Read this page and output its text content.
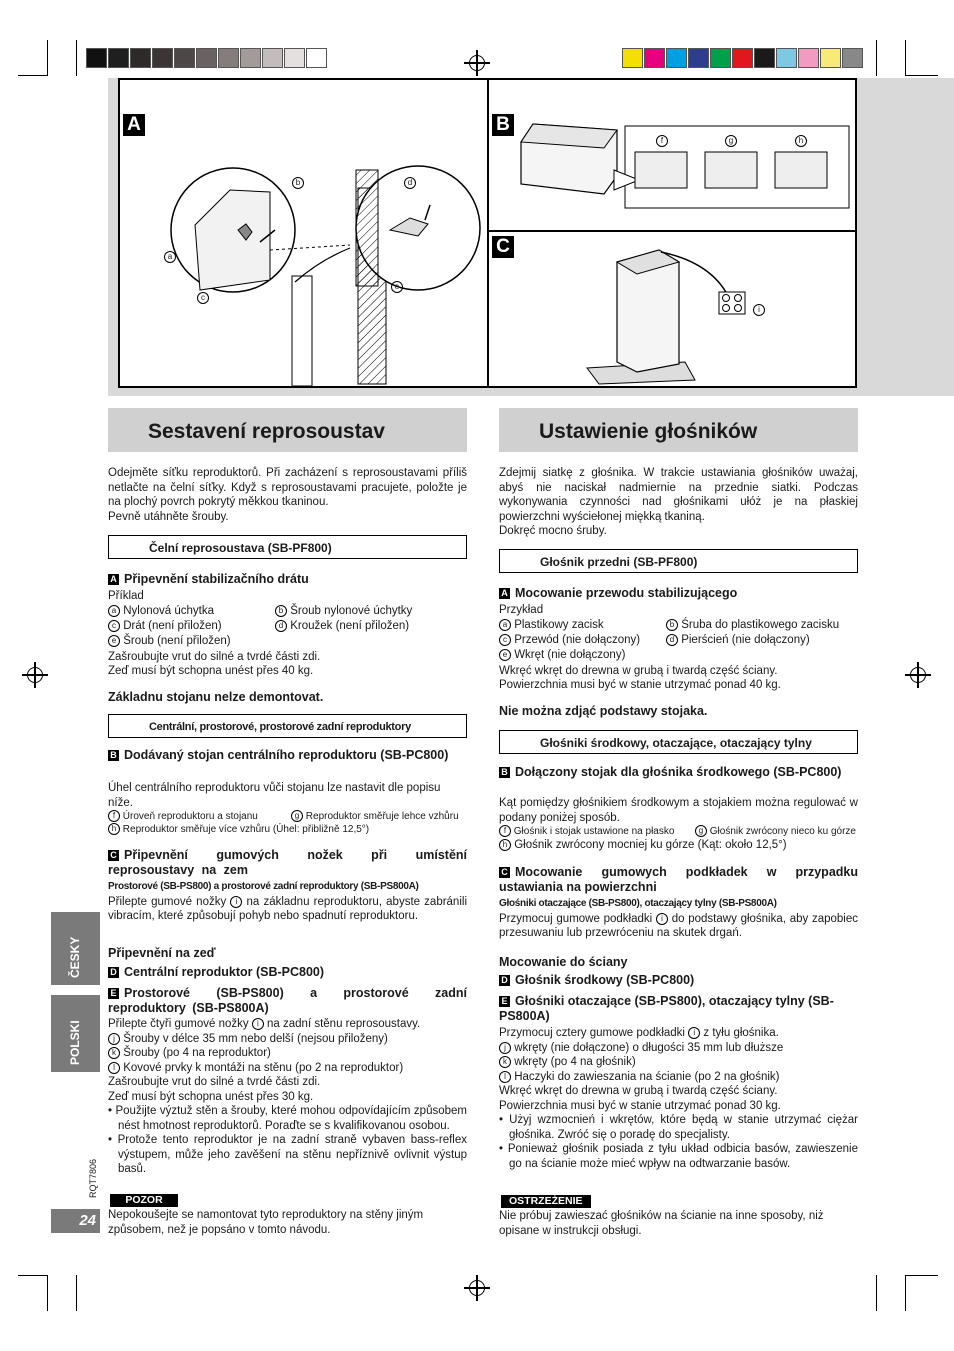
A
a
b
c
d
e
B
f	g	h
C
i
Sestavení reprosoustav

Odejměte síťku reproduktorů. Při zacházení s reprosoustavami příliš netlačte na čelní síťky. Když s reprosoustavami pracujete, položte je na plochý povrch pokrytý měkkou tkaninou.

Pevně utáhněte šrouby.

Čelní reprosoustava (SB-PF800)
A Připevnění stabilizačního drátu

Příklad

a Nylonová úchytka	b Šroub nylonové úchytky
c Drát (není přiložen)	d Kroužek (není přiložen)
e Šroub (není přiložen)

Zašroubujte vrut do silné a tvrdé části zdi.

Zeď musí být schopna unést přes 40 kg.

Základnu stojanu nelze demontovat.
Centrální, prostorové, prostorové zadní reproduktory
B Dodávaný stojan centrálního reproduktoru (SB-PC800)

Úhel centrálního reproduktoru vůči stojanu lze nastavit dle popisu níže.

f Úroveň reproduktoru a stojanu	g Reproduktor směřuje lehce vzhůru
h Reproduktor směřuje více vzhůru (Úhel: přibližně 12,5°)
C Připevnění gumových nožek při umístění reprosoustavy na zem

Prostorové (SB-PS800) a prostorové zadní reproduktory (SB-PS800A)

Přilepte gumové nožky i na základnu reproduktoru, abyste zabránili vibracím, které způsobují pohyb nebo spadnutí reproduktoru.

Připevnění na zeď
D Centrální reproduktor (SB-PC800)
E Prostorové (SB-PS800) a prostorové zadní reproduktory (SB-PS800A)

Přilepte čtyři gumové nožky i na zadní stěnu reprosoustavy.

j Šrouby v délce 35 mm nebo delší (nejsou přiloženy)

k Šrouby (po 4 na reproduktor)

l Kovové prvky k montáži na stěnu (po 2 na reproduktor)

Zašroubujte vrut do silné a tvrdé části zdi.

Zeď musí být schopna unést přes 30 kg.

• Použijte výztuž stěn a šrouby, které mohou odpovídajícím způsobem nést hmotnost reproduktorů. Poraďte se s kvalifikovanou osobou.

• Protože tento reproduktor je na zadní straně vybaven bass-reflex výstupem, může jeho zavěšení na stěnu nepříznivě ovlivnit výstup basů.

POZOR
Nepokoušejte se namontovat tyto reproduktory na stěny jiným způsobem, než je popsáno v tomto návodu.
Ustawienie głośników

Zdejmij siatkę z głośnika. W trakcie ustawiania głośników uważaj, abyś nie naciskał nadmiernie na przednie siatki. Podczas wykonywania czynności nad głośnikami ułóż je na płaskiej powierzchni wyściełonej miękką tkaniną.

Dokręć mocno śruby.

Głośnik przedni (SB-PF800)
A Mocowanie przewodu stabilizującego

Przykład

a Plastikowy zacisk	b Śruba do plastikowego zacisku
c Przewód (nie dołączony)	d Pierścień (nie dołączony)
e Wkręt (nie dołączony)

Wkręć wkręt do drewna w grubą i twardą część ściany.

Powierzchnia musi być w stanie utrzymać ponad 40 kg.

Nie można zdjąć podstawy stojaka.
Głośniki środkowy, otaczające, otaczający tylny
B Dołączony stojak dla głośnika środkowego (SB-PC800)

Kąt pomiędzy głośnikiem środkowym a stojakiem można regulować w podany poniżej sposób.

f Głośnik i stojak ustawione na płasko	g Głośnik zwrócony nieco ku górze

h Głośnik zwrócony mocniej ku górze (Kąt: około 12,5°)

C Mocowanie gumowych podkładek w przypadku ustawiania na powierzchni

Głośniki otaczające (SB-PS800), otaczający tylny (SB-PS800A)

Przymocuj gumowe podkładki i do podstawy głośnika, aby zapobiec przesuwaniu lub przewróceniu na skutek drgań.

Mocowanie do ściany
D Głośnik środkowy (SB-PC800)
E Głośniki otaczające (SB-PS800), otaczający tylny (SB-PS800A)

Przymocuj cztery gumowe podkładki i z tyłu głośnika.

j wkręty (nie dołączone) o długości 35 mm lub dłuższe

k wkręty (po 4 na głośnik)

l Haczyki do zawieszania na ścianie (po 2 na głośnik)

Wkręć wkręt do drewna w grubą i twardą część ściany.

Powierzchnia musi być w stanie utrzymać ponad 30 kg.

• Użyj wzmocnień i wkrętów, które będą w stanie utrzymać ciężar głośnika. Zwróć się o poradę do specjalisty.

• Ponieważ głośnik posiada z tyłu układ odbicia basów, zawieszenie go na ścianie może mieć wpływ na odtwarzanie basów.

OSTRZEŻENIE
Nie próbuj zawieszać głośników na ścianie na inne sposoby, niż opisane w instrukcji obsługi.
ČESKY
POLSKI
RQT7806
24
